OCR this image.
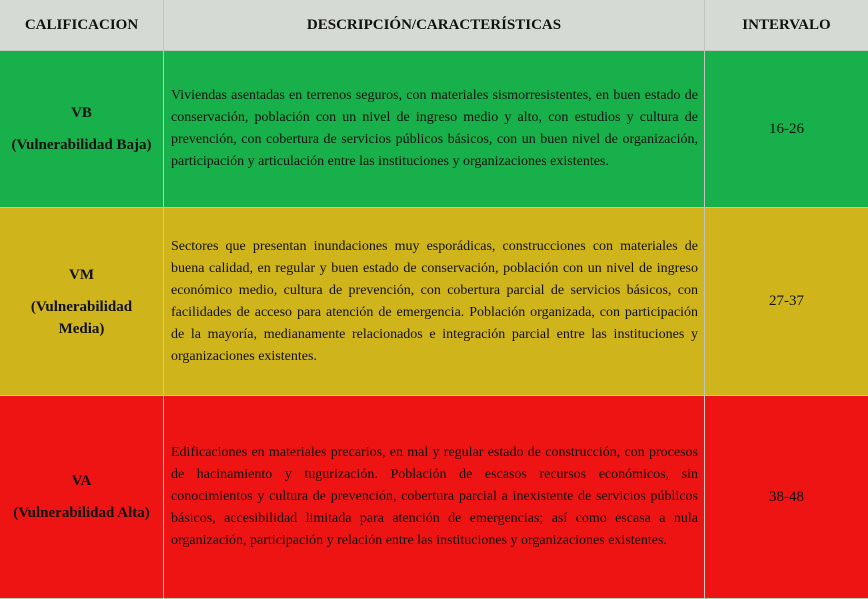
CALIFICACION	DESCRIPCIÓN/CARACTERÍSTICAS	INTERVALO
VB
(Vulnerabilidad Baja)
Viviendas asentadas en terrenos seguros, con materiales sismorresistentes, en buen estado de conservación, población con un nivel de ingreso medio y alto, con estudios y cultura de prevención, con cobertura de servicios públicos básicos, con un buen nivel de organización, participación y articulación entre las instituciones y organizaciones existentes.
16-26
VM
(Vulnerabilidad Media)
Sectores que presentan inundaciones muy esporádicas, construcciones con materiales de buena calidad, en regular y buen estado de conservación, población con un nivel de ingreso económico medio, cultura de prevención, con cobertura parcial de servicios básicos, con facilidades de acceso para atención de emergencia. Población organizada, con participación de la mayoría, medianamente relacionados e integración parcial entre las instituciones y organizaciones existentes.
27-37
VA
(Vulnerabilidad Alta)
Edificaciones en materiales precarios, en mal y regular estado de construcción, con procesos de hacinamiento y tugurización. Población de escasos recursos económicos, sin conocimientos y cultura de prevención, cobertura parcial a inexistente de servicios públicos básicos, accesibilidad limitada para atención de emergencias; así como escasa a nula organización, participación y relación entre las instituciones y organizaciones existentes.
38-48
